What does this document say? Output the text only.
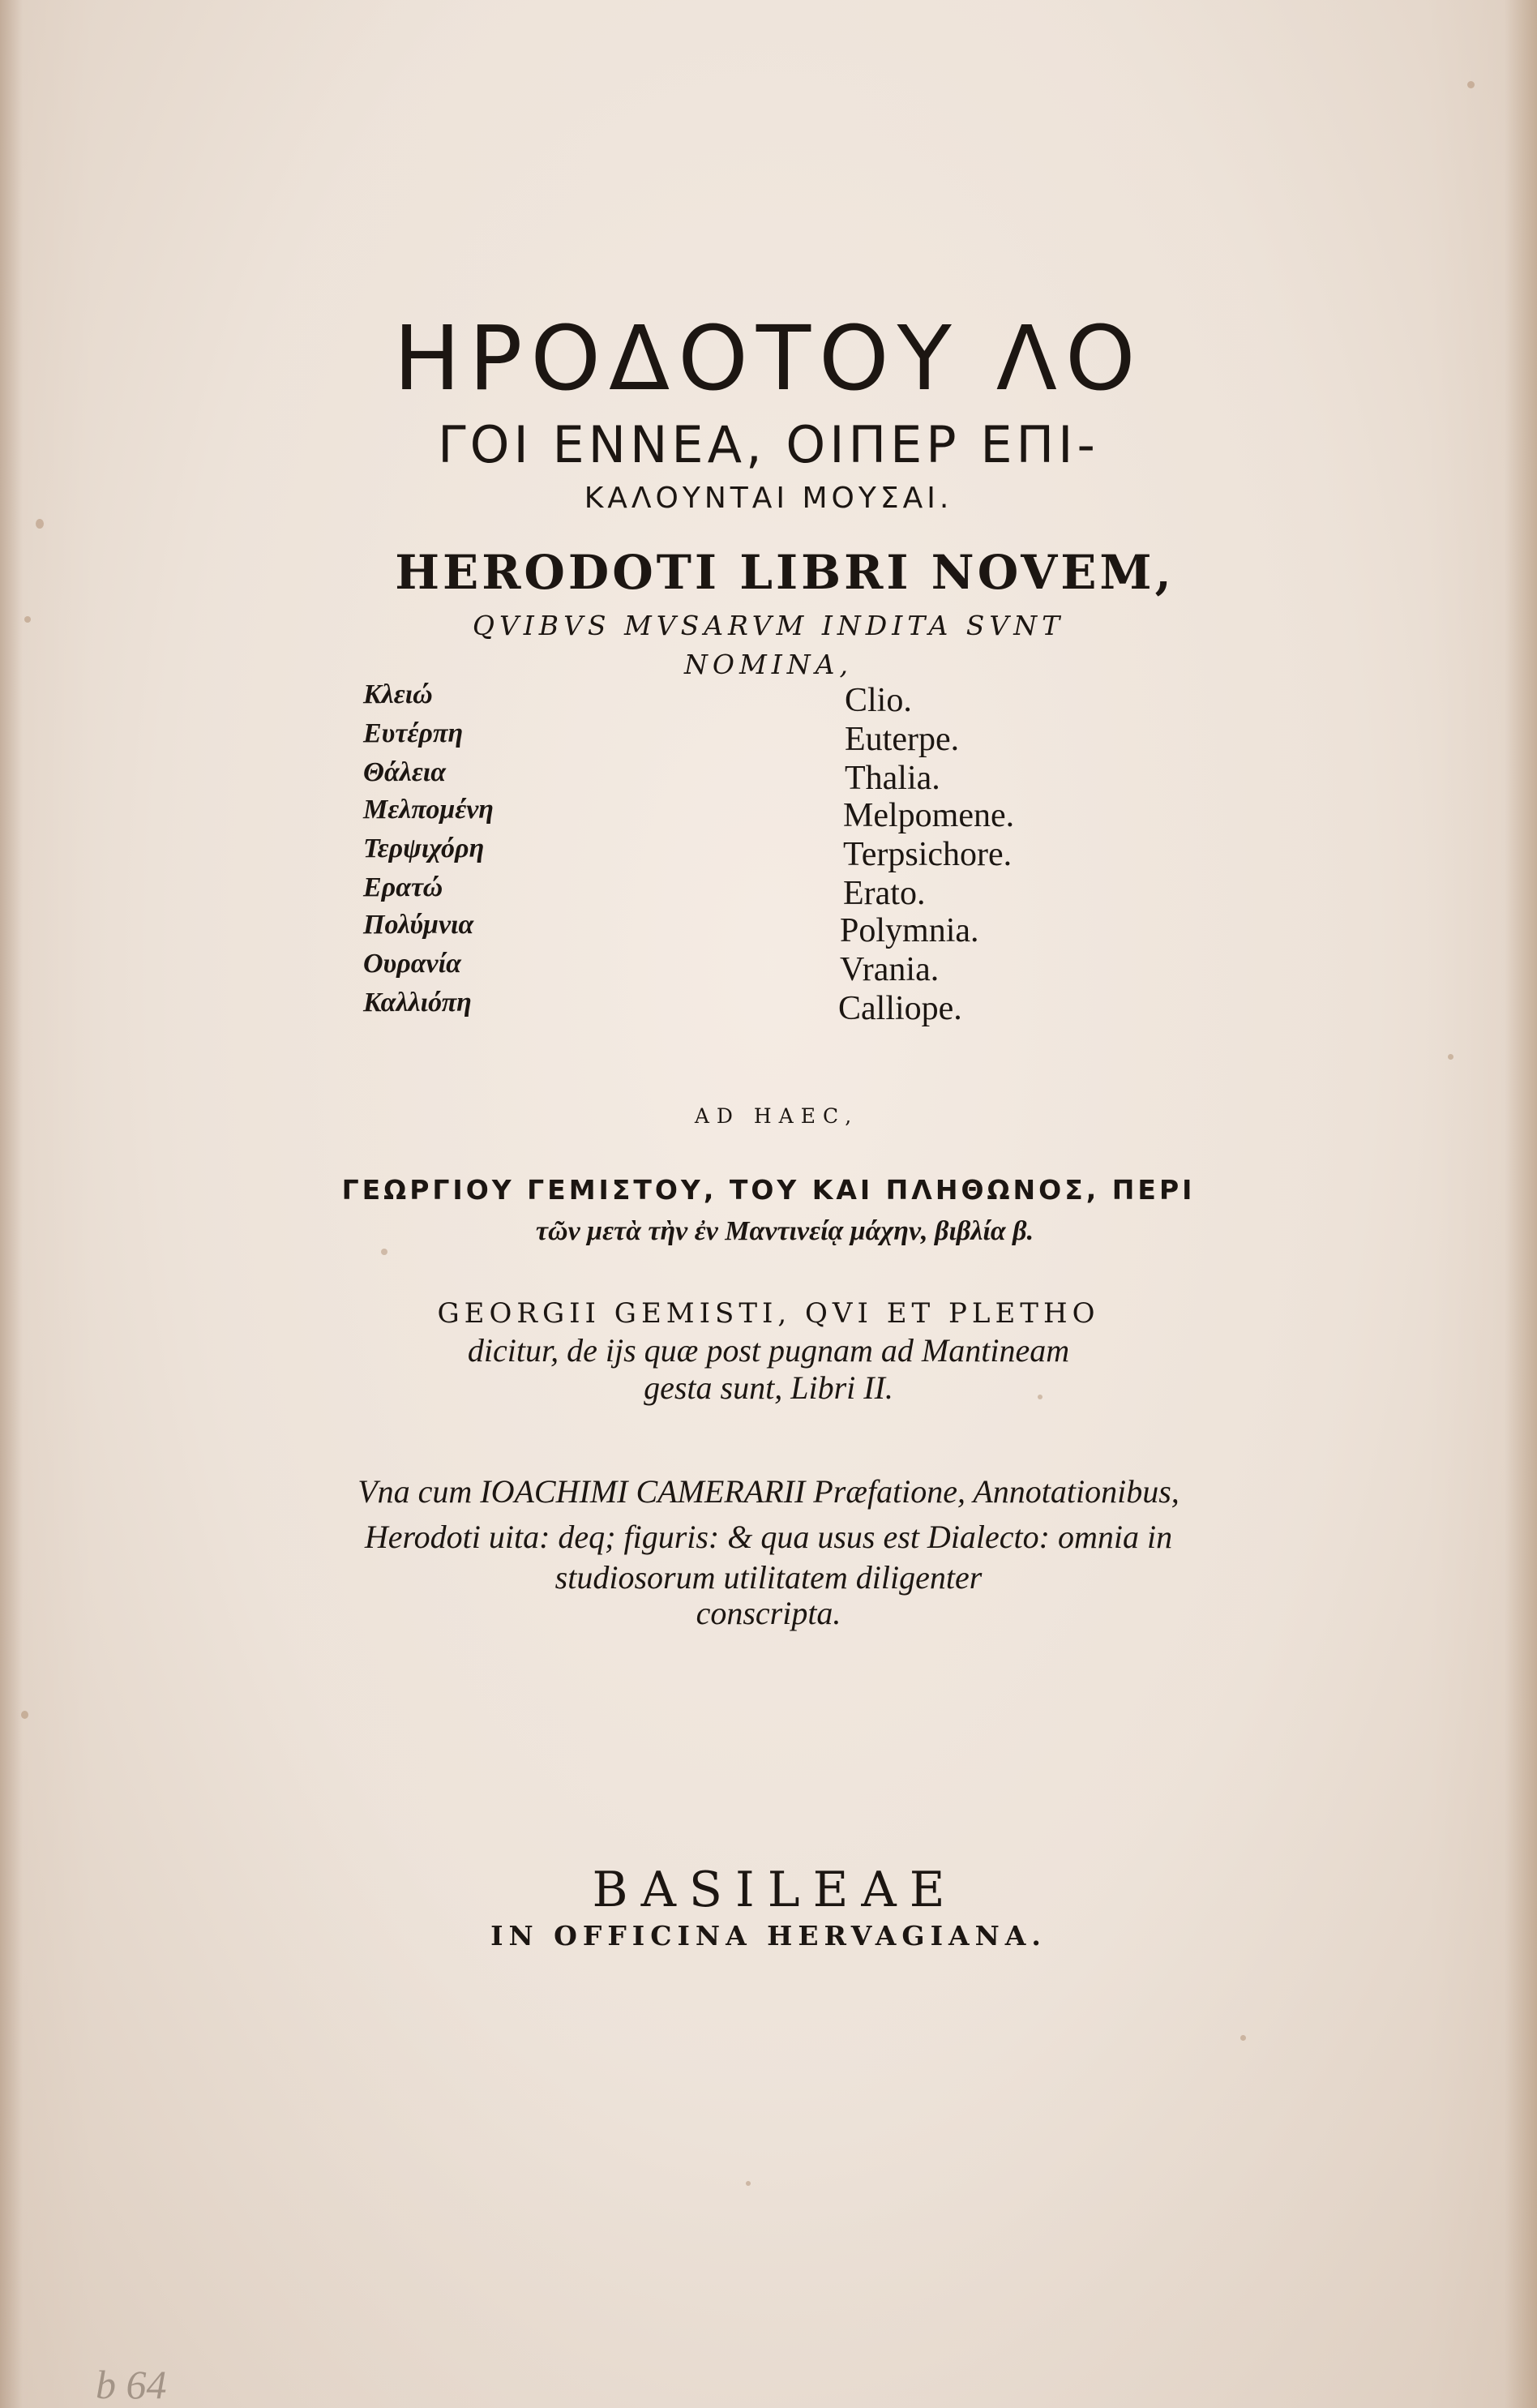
ΗΡΟΔΟΤΟΥ ΛΟ
ΓΟΙ ΕΝΝΕΑ, ΟΙΠΕΡ ΕΠΙ-
ΚΑΛΟΥΝΤΑΙ ΜΟΥΣΑΙ.
HERODOTI LIBRI NOVEM,
QVIBVS MVSARVM INDITA SVNT
NOMINA,
Κλειώ
Ευτέρπη
Θάλεια
Μελπομένη
Τερψιχόρη
Ερατώ
Πολύμνια
Ουρανία
Καλλιόπη
Clio.
Euterpe.
Thalia.
Melpomene.
Terpsichore.
Erato.
Polymnia.
Vrania.
Calliope.
AD HAEC,
ΓΕΩΡΓΙΟΥ ΓΕΜΙΣΤΟΥ, ΤΟΥ ΚΑΙ ΠΛΗΘΩΝΟΣ, ΠΕΡΙ
τῶν μετὰ τὴν ἐν Μαντινείᾳ μάχην, βιβλία β.
GEORGII GEMISTI, QVI ET PLETHO
dicitur, de ijs quæ post pugnam ad Mantineam
gesta sunt, Libri II.
Vna cum IOACHIMI CAMERARII Præfatione, Annotationibus,
Herodoti uita: deq; figuris: & qua usus est Dialecto: omnia in
studiosorum utilitatem diligenter
conscripta.
BASILEAE
IN OFFICINA HERVAGIANA.
b 64
